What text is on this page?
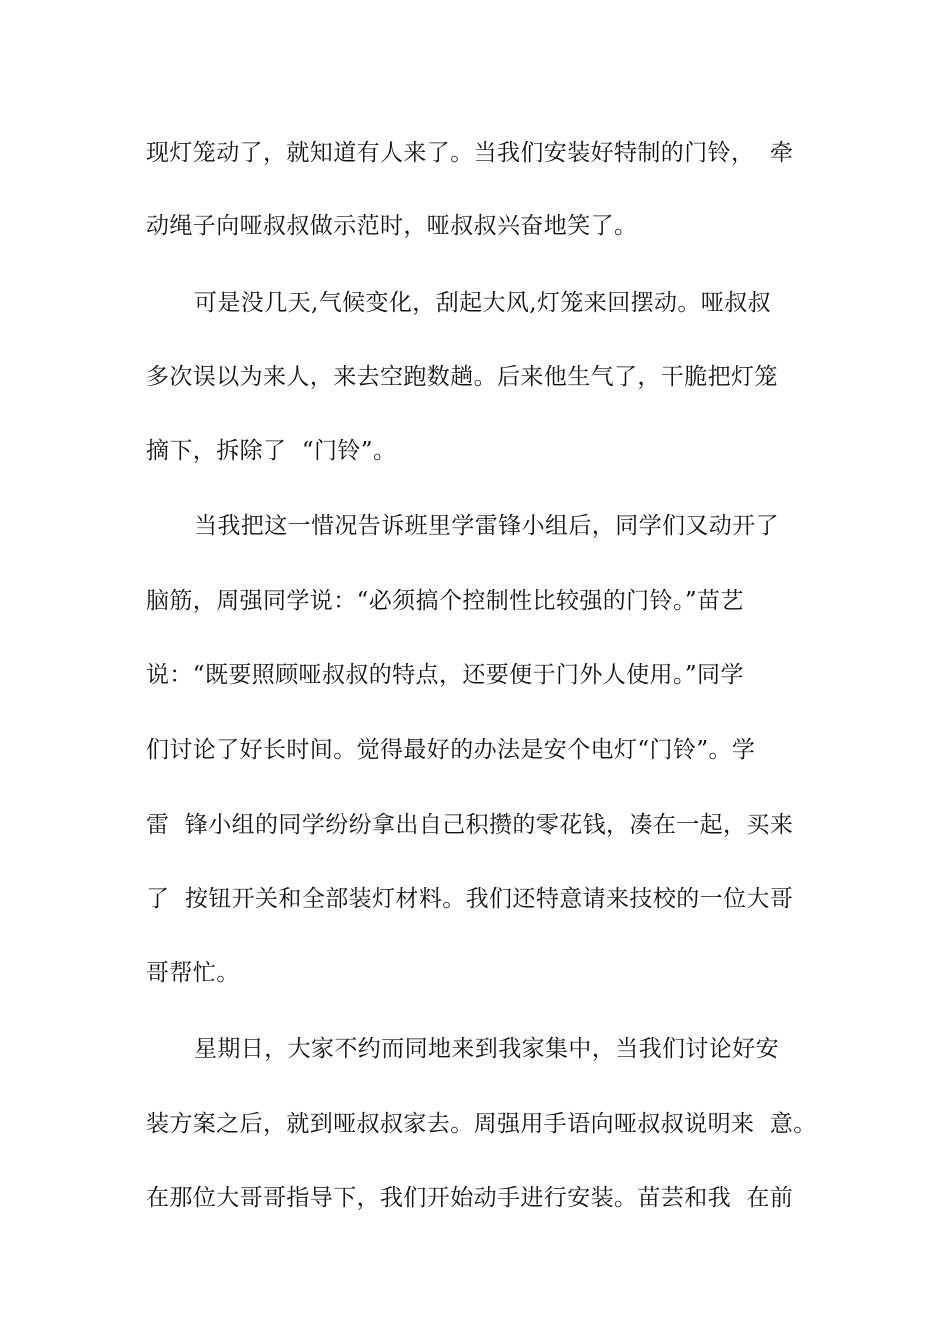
现灯笼动了，就知道有人来了。当我们安装好特制的门铃，  牵
动绳子向哑叔叔做示范时，哑叔叔兴奋地笑了。
可是没几天,气候变化，刮起大风,灯笼来回摆动。哑叔叔
多次误以为来人，来去空跑数趟。后来他生气了，干脆把灯笼
摘下，拆除了  “门铃”。
当我把这一惜况告诉班里学雷锋小组后，同学们又动开了
脑筋，周强同学说：“必须搞个控制性比较强的门铃。”苗艺
说：“既要照顾哑叔叔的特点，还要便于门外人使用。”同学
们讨论了好长时间。觉得最好的办法是安个电灯“门铃”。学
雷  锋小组的同学纷纷拿出自己积攒的零花钱，凑在一起，买来
了  按钮开关和全部装灯材料。我们还特意请来技校的一位大哥
哥帮忙。
星期日，大家不约而同地来到我家集中，当我们讨论好安
装方案之后，就到哑叔叔家去。周强用手语向哑叔叔说明来  意。
在那位大哥哥指导下，我们开始动手进行安装。苗芸和我  在前
